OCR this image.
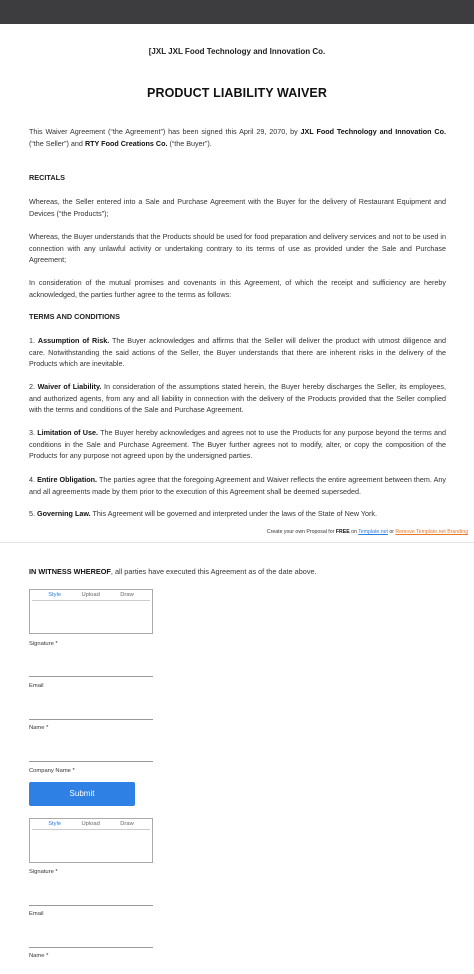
[JXL JXL Food Technology and Innovation Co.
PRODUCT LIABILITY WAIVER

This Waiver Agreement (“the Agreement”) has been signed this April 29, 2070, by JXL Food Technology and Innovation Co. (“the Seller”) and RTY Food Creations Co. (“the Buyer”).

RECITALS

Whereas, the Seller entered into a Sale and Purchase Agreement with the Buyer for the delivery of Restaurant Equipment and Devices (“the Products”);

Whereas, the Buyer understands that the Products should be used for food preparation and delivery services and not to be used in connection with any unlawful activity or undertaking contrary to its terms of use as provided under the Sale and Purchase Agreement;

In consideration of the mutual promises and covenants in this Agreement, of which the receipt and sufficiency are hereby acknowledged, the parties further agree to the terms as follows:

TERMS AND CONDITIONS

1. Assumption of Risk. The Buyer acknowledges and affirms that the Seller will deliver the product with utmost diligence and care. Notwithstanding the said actions of the Seller, the Buyer understands that there are inherent risks in the delivery of the Products which are inevitable.

2. Waiver of Liability. In consideration of the assumptions stated herein, the Buyer hereby discharges the Seller, its employees, and authorized agents, from any and all liability in connection with the delivery of the Products provided that the Seller complied with the terms and conditions of the Sale and Purchase Agreement.

3. Limitation of Use. The Buyer hereby acknowledges and agrees not to use the Products for any purpose beyond the terms and conditions in the Sale and Purchase Agreement. The Buyer further agrees not to modify, alter, or copy the composition of the Products for any purpose not agreed upon by the undersigned parties.

4. Entire Obligation. The parties agree that the foregoing Agreement and Waiver reflects the entire agreement between them. Any and all agreements made by them prior to the execution of this Agreement shall be deemed superseded.

5. Governing Law. This Agreement will be governed and interpreted under the laws of the State of New York.

Create your own Proposal for FREE on Template.net or Remove Template.net Branding
IN WITNESS WHEREOF, all parties have executed this Agreement as of the date above.
Style	Upload	Draw
Signature *
Email
Name *
Company Name *
Submit
Style	Upload	Draw
Signature *
Email
Name *
